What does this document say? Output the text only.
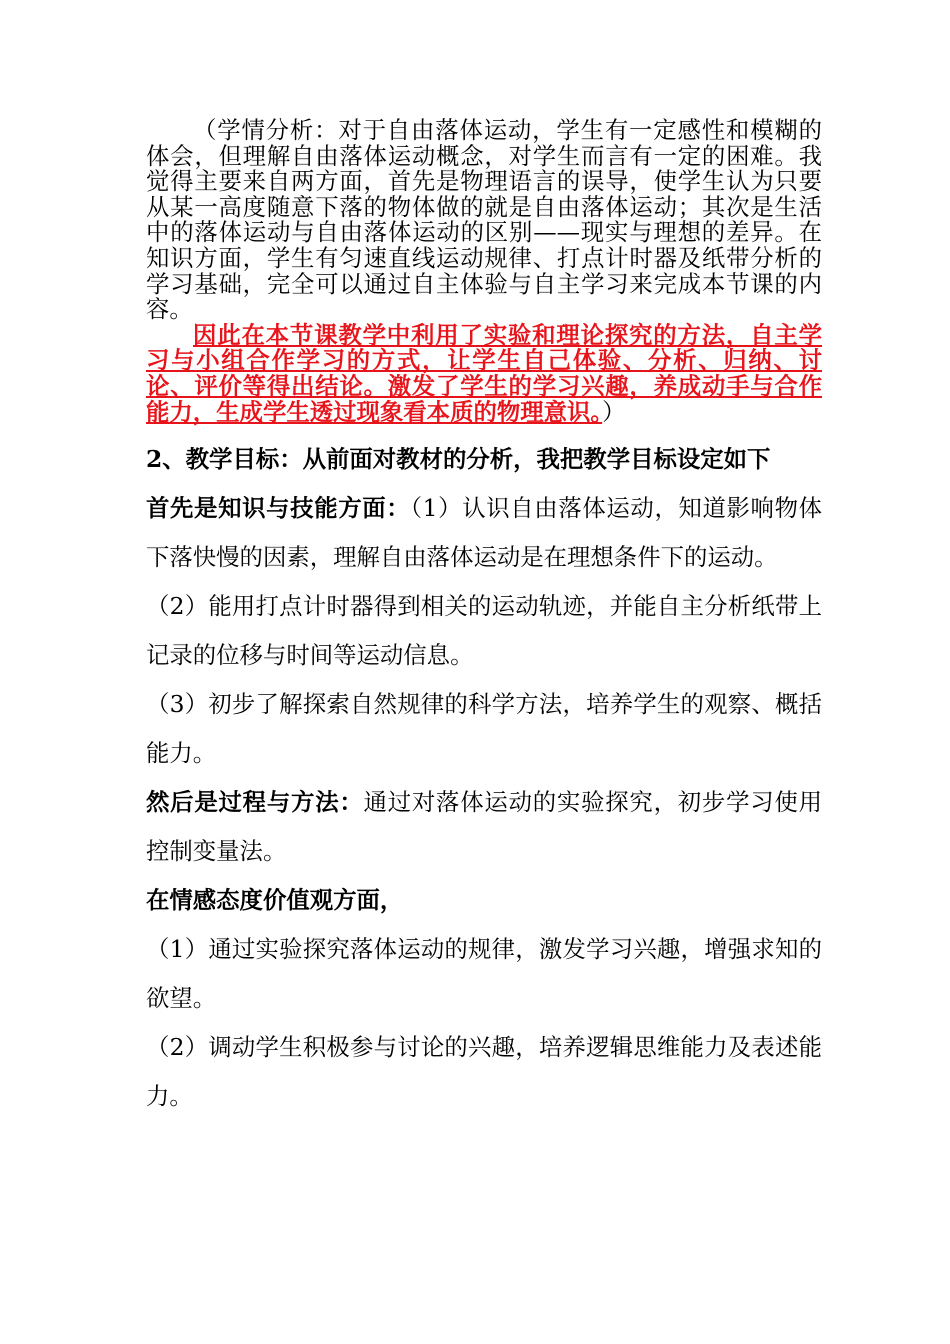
（学情分析：对于自由落体运动，学生有一定感性和模糊的体会，但理解自由落体运动概念，对学生而言有一定的困难。我觉得主要来自两方面，首先是物理语言的误导，使学生认为只要从某一高度随意下落的物体做的就是自由落体运动；其次是生活中的落体运动与自由落体运动的区别——现实与理想的差异。在知识方面，学生有匀速直线运动规律、打点计时器及纸带分析的学习基础，完全可以通过自主体验与自主学习来完成本节课的内容。

因此在本节课教学中利用了实验和理论探究的方法，自主学习与小组合作学习的方式，让学生自己体验、分析、归纳、讨论、评价等得出结论。激发了学生的学习兴趣，养成动手与合作能力，生成学生透过现象看本质的物理意识。）

2、教学目标：从前面对教材的分析，我把教学目标设定如下

首先是知识与技能方面：（1）认识自由落体运动，知道影响物体下落快慢的因素，理解自由落体运动是在理想条件下的运动。

（2）能用打点计时器得到相关的运动轨迹，并能自主分析纸带上记录的位移与时间等运动信息。

（3）初步了解探索自然规律的科学方法，培养学生的观察、概括能力。

然后是过程与方法：通过对落体运动的实验探究，初步学习使用控制变量法。

在情感态度价值观方面，

（1）通过实验探究落体运动的规律，激发学习兴趣，增强求知的欲望。

（2）调动学生积极参与讨论的兴趣，培养逻辑思维能力及表述能力。
